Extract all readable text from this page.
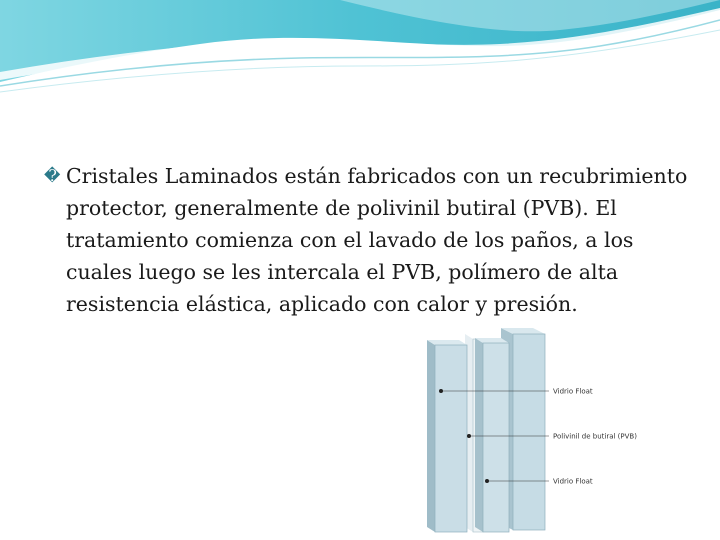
� Cristales Laminados están fabricados con un recubrimiento protector, generalmente de polivinil butiral (PVB). El tratamiento comienza con el lavado de los paños, a los cuales luego se les intercala el PVB, polímero de alta resistencia elástica, aplicado con calor y presión.

Vidrio Float
Polivinil de butiral (PVB)
Vidrio Float
